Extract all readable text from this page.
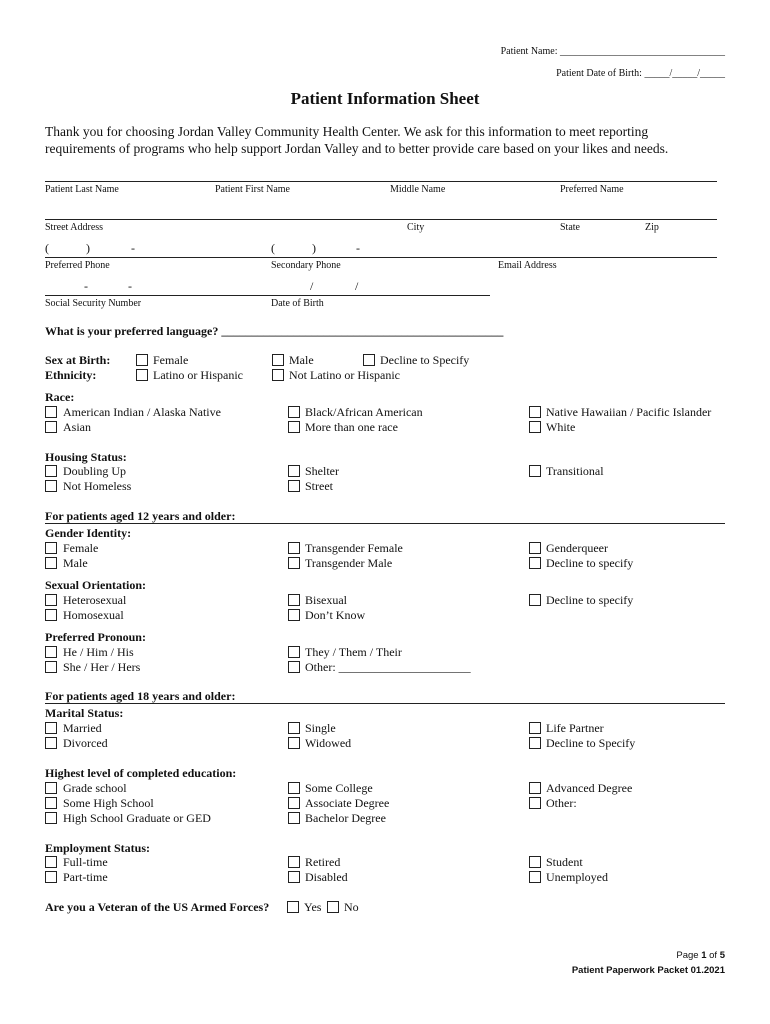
Patient Name: _________________________________
Patient Date of Birth: _____/_____/_____
Patient Information Sheet
Thank you for choosing Jordan Valley Community Health Center. We ask for this information to meet reporting
requirements of programs who help support Jordan Valley and to better provide care based on your likes and needs.
Patient Last Name	Patient First Name	Middle Name	Preferred Name
Street Address	City	State	Zip
(	)	-	(	)	-
Preferred Phone	Secondary Phone	Email Address
-	-	/	/
Social Security Number	Date of Birth
What is your preferred language? _______________________________________________
Sex at Birth:	Female	Male	Decline to Specify
Ethnicity:	Latino or Hispanic	Not Latino or Hispanic
Race:
American Indian / Alaska Native
Asian
Black/African American
More than one race
Native Hawaiian / Pacific Islander
White
Housing Status:
Doubling Up
Not Homeless
Shelter
Street
Transitional
For patients aged 12 years and older:
Gender Identity:
Female
Male
Transgender Female
Transgender Male
Genderqueer
Decline to specify
Sexual Orientation:
Heterosexual
Homosexual
Bisexual
Don’t Know
Decline to specify
Preferred Pronoun:
He / Him / His
She / Her / Hers
They / Them / Their
Other: ______________________
For patients aged 18 years and older:
Marital Status:
Married
Divorced
Single
Widowed
Life Partner
Decline to Specify
Highest level of completed education:
Grade school
Some High School
High School Graduate or GED
Some College
Associate Degree
Bachelor Degree
Advanced Degree
Other:
Employment Status:
Full-time
Part-time
Retired
Disabled
Student
Unemployed
Are you a Veteran of the US Armed Forces?	Yes No
Page 1 of 5
Patient Paperwork Packet 01.2021
